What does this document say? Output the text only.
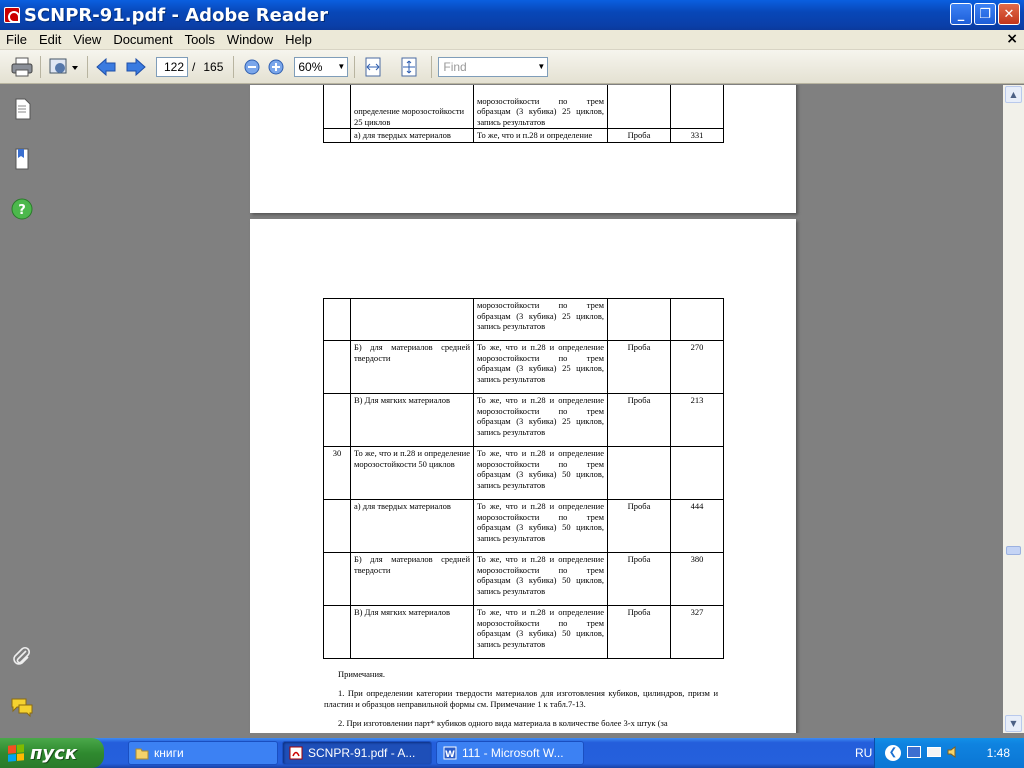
SCNPR-91.pdf - Adobe Reader	_	❐ ✕
File Edit View Document Tools Window Help	×
122 / 165	60% ▼	Find	▼
?
	определение морозостойкости 25 циклов	морозостойкости по трем образцам (3 кубика) 25 циклов, запись результатов		
	а) для твердых материалов	То же, что и п.28 и определение	Проба	331
		морозостойкости по трем образцам (3 кубика) 25 циклов, запись результатов		
	Б) для материалов средней твердости	То же, что и п.28 и определение морозостойкости по трем образцам (3 кубика) 25 циклов, запись результатов	Проба	270
	В) Для мягких материалов	То же, что и п.28 и определение морозостойкости по трем образцам (3 кубика) 25 циклов, запись результатов	Проба	213
30	То же, что и п.28 и определение морозостойкости 50 циклов	То же, что и п.28 и определение морозостойкости по трем образцам (3 кубика) 50 циклов, запись результатов		
	а) для твердых материалов	То же, что и п.28 и определение морозостойкости по трем образцам (3 кубика) 50 циклов, запись результатов	Проба	444
	Б) для материалов средней твердости	То же, что и п.28 и определение морозостойкости по трем образцам (3 кубика) 50 циклов, запись результатов	Проба	380
	В) Для мягких материалов	То же, что и п.28 и определение морозостойкости по трем образцам (3 кубика) 50 циклов, запись результатов	Проба	327

Примечания.

1. При определении категории твердости материалов для изготовления кубиков, цилиндров, призм и пластин и образцов неправильной формы см. Примечание 1 к табл.7-13.

2. При изготовлении парт* кубиков одного вида материала в количестве более 3-х штук (за

▲
▼
пуск	книги	SCNPR-91.pdf - A...	W 111 - Microsoft W...	RU	❮	1:48
